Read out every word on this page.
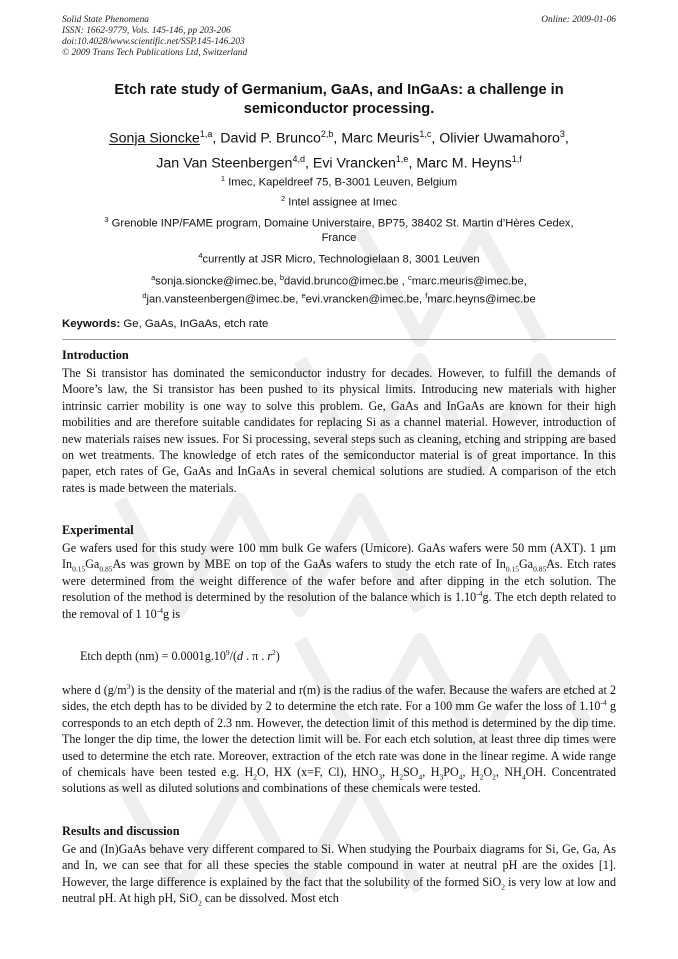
Solid State Phenomena
ISSN: 1662-9779, Vols. 145-146, pp 203-206
doi:10.4028/www.scientific.net/SSP.145-146.203
© 2009 Trans Tech Publications Ltd, Switzerland
Online: 2009-01-06
Etch rate study of Germanium, GaAs, and InGaAs: a challenge in
semiconductor processing.
Sonja Sioncke$^{1,a}$, David P. Brunco$^{2,b}$, Marc Meuris$^{1,c}$, Olivier Uwamahoro$^3$,
Jan Van Steenbergen$^{4,d}$, Evi Vrancken$^{1,e}$, Marc M. Heyns$^{1,f}$
$^1$ Imec, Kapeldreef 75, B-3001 Leuven, Belgium
$^2$ Intel assignee at Imec
$^3$ Grenoble INP/FAME program, Domaine Universtaire, BP75, 38402 St. Martin d’Hères Cedex,
France
$^4$currently at JSR Micro, Technologielaan 8, 3001 Leuven
$^a$sonja.sioncke@imec.be, $^b$david.brunco@imec.be , $^c$marc.meuris@imec.be,
$^d$jan.vansteenbergen@imec.be, $^e$evi.vrancken@imec.be, $^f$marc.heyns@imec.be
Keywords: Ge, GaAs, InGaAs, etch rate
Introduction
The Si transistor has dominated the semiconductor industry for decades. However, to fulfill the demands of Moore’s law, the Si transistor has been pushed to its physical limits. Introducing new materials with higher intrinsic carrier mobility is one way to solve this problem. Ge, GaAs and InGaAs are known for their high mobilities and are therefore suitable candidates for replacing Si as a channel material. However, introduction of new materials raises new issues. For Si processing, several steps such as cleaning, etching and stripping are based on wet treatments. The knowledge of etch rates of the semiconductor material is of great importance. In this paper, etch rates of Ge, GaAs and InGaAs in several chemical solutions are studied. A comparison of the etch rates is made between the materials.
Experimental
Ge wafers used for this study were 100 mm bulk Ge wafers (Umicore). GaAs wafers were 50 mm (AXT). 1 µm $In_{0.15}Ga_{0.85}As$ was grown by MBE on top of the GaAs wafers to study the etch rate of $In_{0.15}Ga_{0.85}As$. Etch rates were determined from the weight difference of the wafer before and after dipping in the etch solution. The resolution of the method is determined by the resolution of the balance which is $1.10^{-4}g$. The etch depth related to the removal of 1 $10^{-4}g$ is
Etch depth $(nm) = 0.0001g.10^9/(d$ . π . $r^2$)
where d $(g/m^3)$ is the density of the material and r(m) is the radius of the wafer. Because the wafers are etched at 2 sides, the etch depth has to be divided by 2 to determine the etch rate. For a 100 mm Ge wafer the loss of $1.10^{-4}$ g corresponds to an etch depth of 2.3 nm. However, the detection limit of this method is determined by the dip time. The longer the dip time, the lower the detection limit will be. For each etch solution, at least three dip times were used to determine the etch rate. Moreover, extraction of the etch rate was done in the linear regime. A wide range of chemicals have been tested e.g. $H_2O$, HX (x=F, Cl), $HNO_3$, $H_2SO_4$, $H_3PO_4$, $H_2O_2$, $NH_4OH$. Concentrated solutions as well as diluted solutions and combinations of these chemicals were tested.
Results and discussion
Ge and (In)GaAs behave very different compared to Si. When studying the Pourbaix diagrams for Si, Ge, Ga, As and In, we can see that for all these species the stable compound in water at neutral pH are the oxides [1]. However, the large difference is explained by the fact that the solubility of the formed SiO$_2$ is very low at low and neutral pH. At high pH, SiO$_2$ can be dissolved. Most etch
